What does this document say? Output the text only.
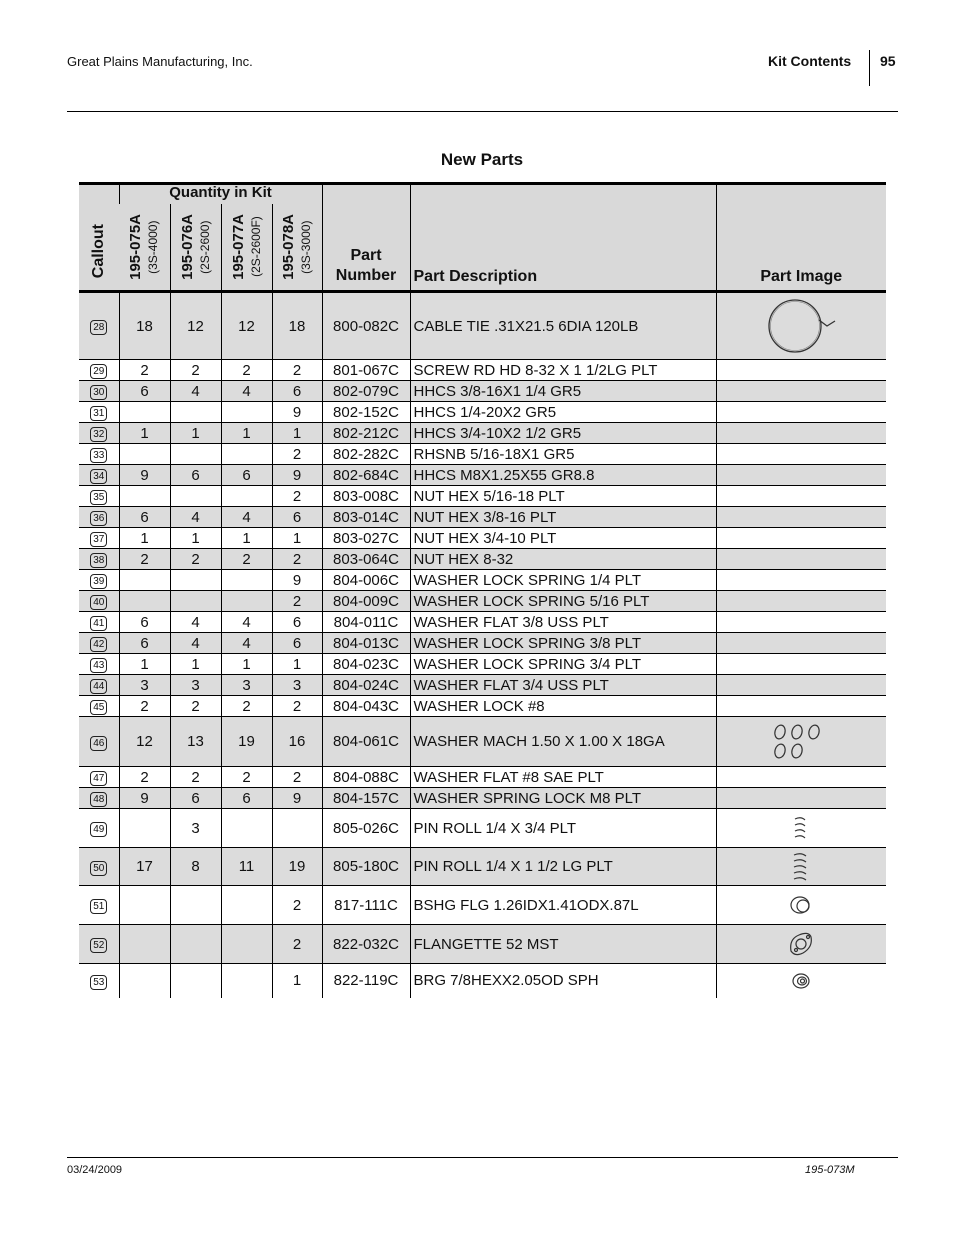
Great Plains Manufacturing, Inc.	Kit Contents 95
New Parts
Callout	Quantity in Kit				Part
Number	Part Description	Part Image
	195-075A (3S-4000)	195-076A (2S-2600)	195-077A (2S-2600F)	195-078A (3S-3000)			
28	18	12	12	18	800-082C	CABLE TIE .31X21.5 6DIA 120LB	

29	2	2	2	2	801-067C	SCREW RD HD 8-32 X 1 1/2LG PLT	
30	6	4	4	6	802-079C	HHCS 3/8-16X1 1/4 GR5	
31				9	802-152C	HHCS 1/4-20X2 GR5	
32	1	1	1	1	802-212C	HHCS 3/4-10X2 1/2 GR5	
33				2	802-282C	RHSNB 5/16-18X1 GR5	
34	9	6	6	9	802-684C	HHCS M8X1.25X55 GR8.8	
35				2	803-008C	NUT HEX 5/16-18 PLT	
36	6	4	4	6	803-014C	NUT HEX 3/8-16 PLT	
37	1	1	1	1	803-027C	NUT HEX 3/4-10 PLT	
38	2	2	2	2	803-064C	NUT HEX 8-32	
39				9	804-006C	WASHER LOCK SPRING 1/4 PLT	
40				2	804-009C	WASHER LOCK SPRING 5/16 PLT	
41	6	4	4	6	804-011C	WASHER FLAT 3/8 USS PLT	
42	6	4	4	6	804-013C	WASHER LOCK SPRING 3/8 PLT	
43	1	1	1	1	804-023C	WASHER LOCK SPRING 3/4 PLT	
44	3	3	3	3	804-024C	WASHER FLAT 3/4 USS PLT	
45	2	2	2	2	804-043C	WASHER LOCK #8	
46	12	13	19	16	804-061C	WASHER MACH 1.50 X 1.00 X 18GA	

47	2	2	2	2	804-088C	WASHER FLAT #8 SAE PLT	
48	9	6	6	9	804-157C	WASHER SPRING LOCK M8 PLT	
49		3			805-026C	PIN ROLL 1/4 X 3/4 PLT	

50	17	8	11	19	805-180C	PIN ROLL 1/4 X 1 1/2 LG PLT	

51				2	817-111C	BSHG FLG 1.26IDX1.41ODX.87L	

52				2	822-032C	FLANGETTE 52 MST	

53				1	822-119C	BRG 7/8HEXX2.05OD SPH	
03/24/2009	195-073M
